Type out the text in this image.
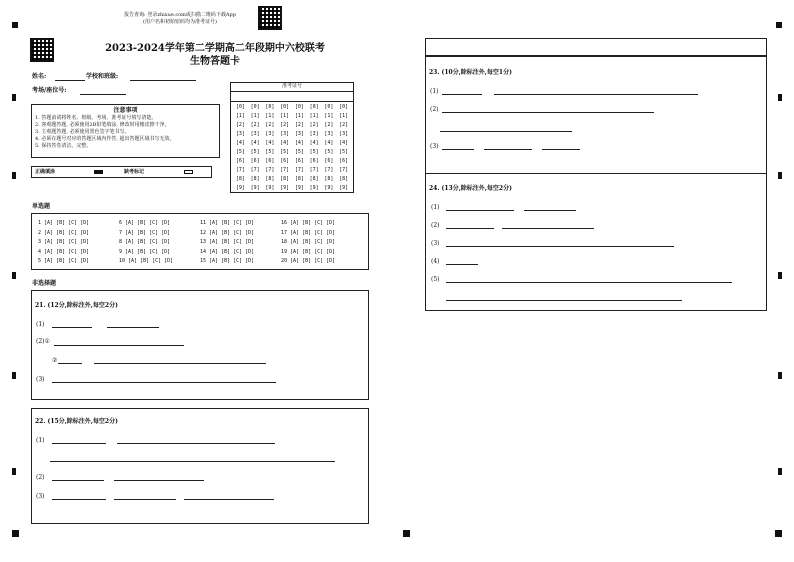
报告查询: 登录zhixue.com或扫描二维码下载App
(用户名和初始密码均为准考证号)
2023-2024学年第二学期高二年段期中六校联考
生物答题卡
姓名:	学校和班级:
考场/座位号:
注意事项
1. 答题前请将姓名、班级、考场、准考证号填写清楚。
2. 客观题答题, 必须使用2B铅笔填涂, 修改时用橡皮擦干净。
3. 主观题答题, 必须使用黑色签字笔书写。
4. 必须在题号对应的答题区域内作答, 超出答题区域书写无效。
5. 保持答卷清洁、完整。
正确填涂	缺考标记
准考证号
[0]
[1]
[2]
[3]
[4]
[5]
[6]
[7]
[8]
[9]
[0]
[1]
[2]
[3]
[4]
[5]
[6]
[7]
[8]
[9]
[0]
[1]
[2]
[3]
[4]
[5]
[6]
[7]
[8]
[9]
[0]
[1]
[2]
[3]
[4]
[5]
[6]
[7]
[8]
[9]
[0]
[1]
[2]
[3]
[4]
[5]
[6]
[7]
[8]
[9]
[0]
[1]
[2]
[3]
[4]
[5]
[6]
[7]
[8]
[9]
[0]
[1]
[2]
[3]
[4]
[5]
[6]
[7]
[8]
[9]
[0]
[1]
[2]
[3]
[4]
[5]
[6]
[7]
[8]
[9]
单选题
1 [A] [B] [C] [D]
2 [A] [B] [C] [D]
3 [A] [B] [C] [D]
4 [A] [B] [C] [D]
5 [A] [B] [C] [D]
6 [A] [B] [C] [D]
7 [A] [B] [C] [D]
8 [A] [B] [C] [D]
9 [A] [B] [C] [D]
10 [A] [B] [C] [D]
11 [A] [B] [C] [D]
12 [A] [B] [C] [D]
13 [A] [B] [C] [D]
14 [A] [B] [C] [D]
15 [A] [B] [C] [D]
16 [A] [B] [C] [D]
17 [A] [B] [C] [D]
18 [A] [B] [C] [D]
19 [A] [B] [C] [D]
20 [A] [B] [C] [D]
非选择题
21. (12分,除标注外,每空2分)
(1)
(2)①
②
(3)
22. (15分,除标注外,每空2分)
(1)
(2)
(3)
23. (10分,除标注外,每空1分)
(1)
(2)
(3)
24. (13分,除标注外,每空2分)
(1)
(2)
(3)
(4)
(5)
